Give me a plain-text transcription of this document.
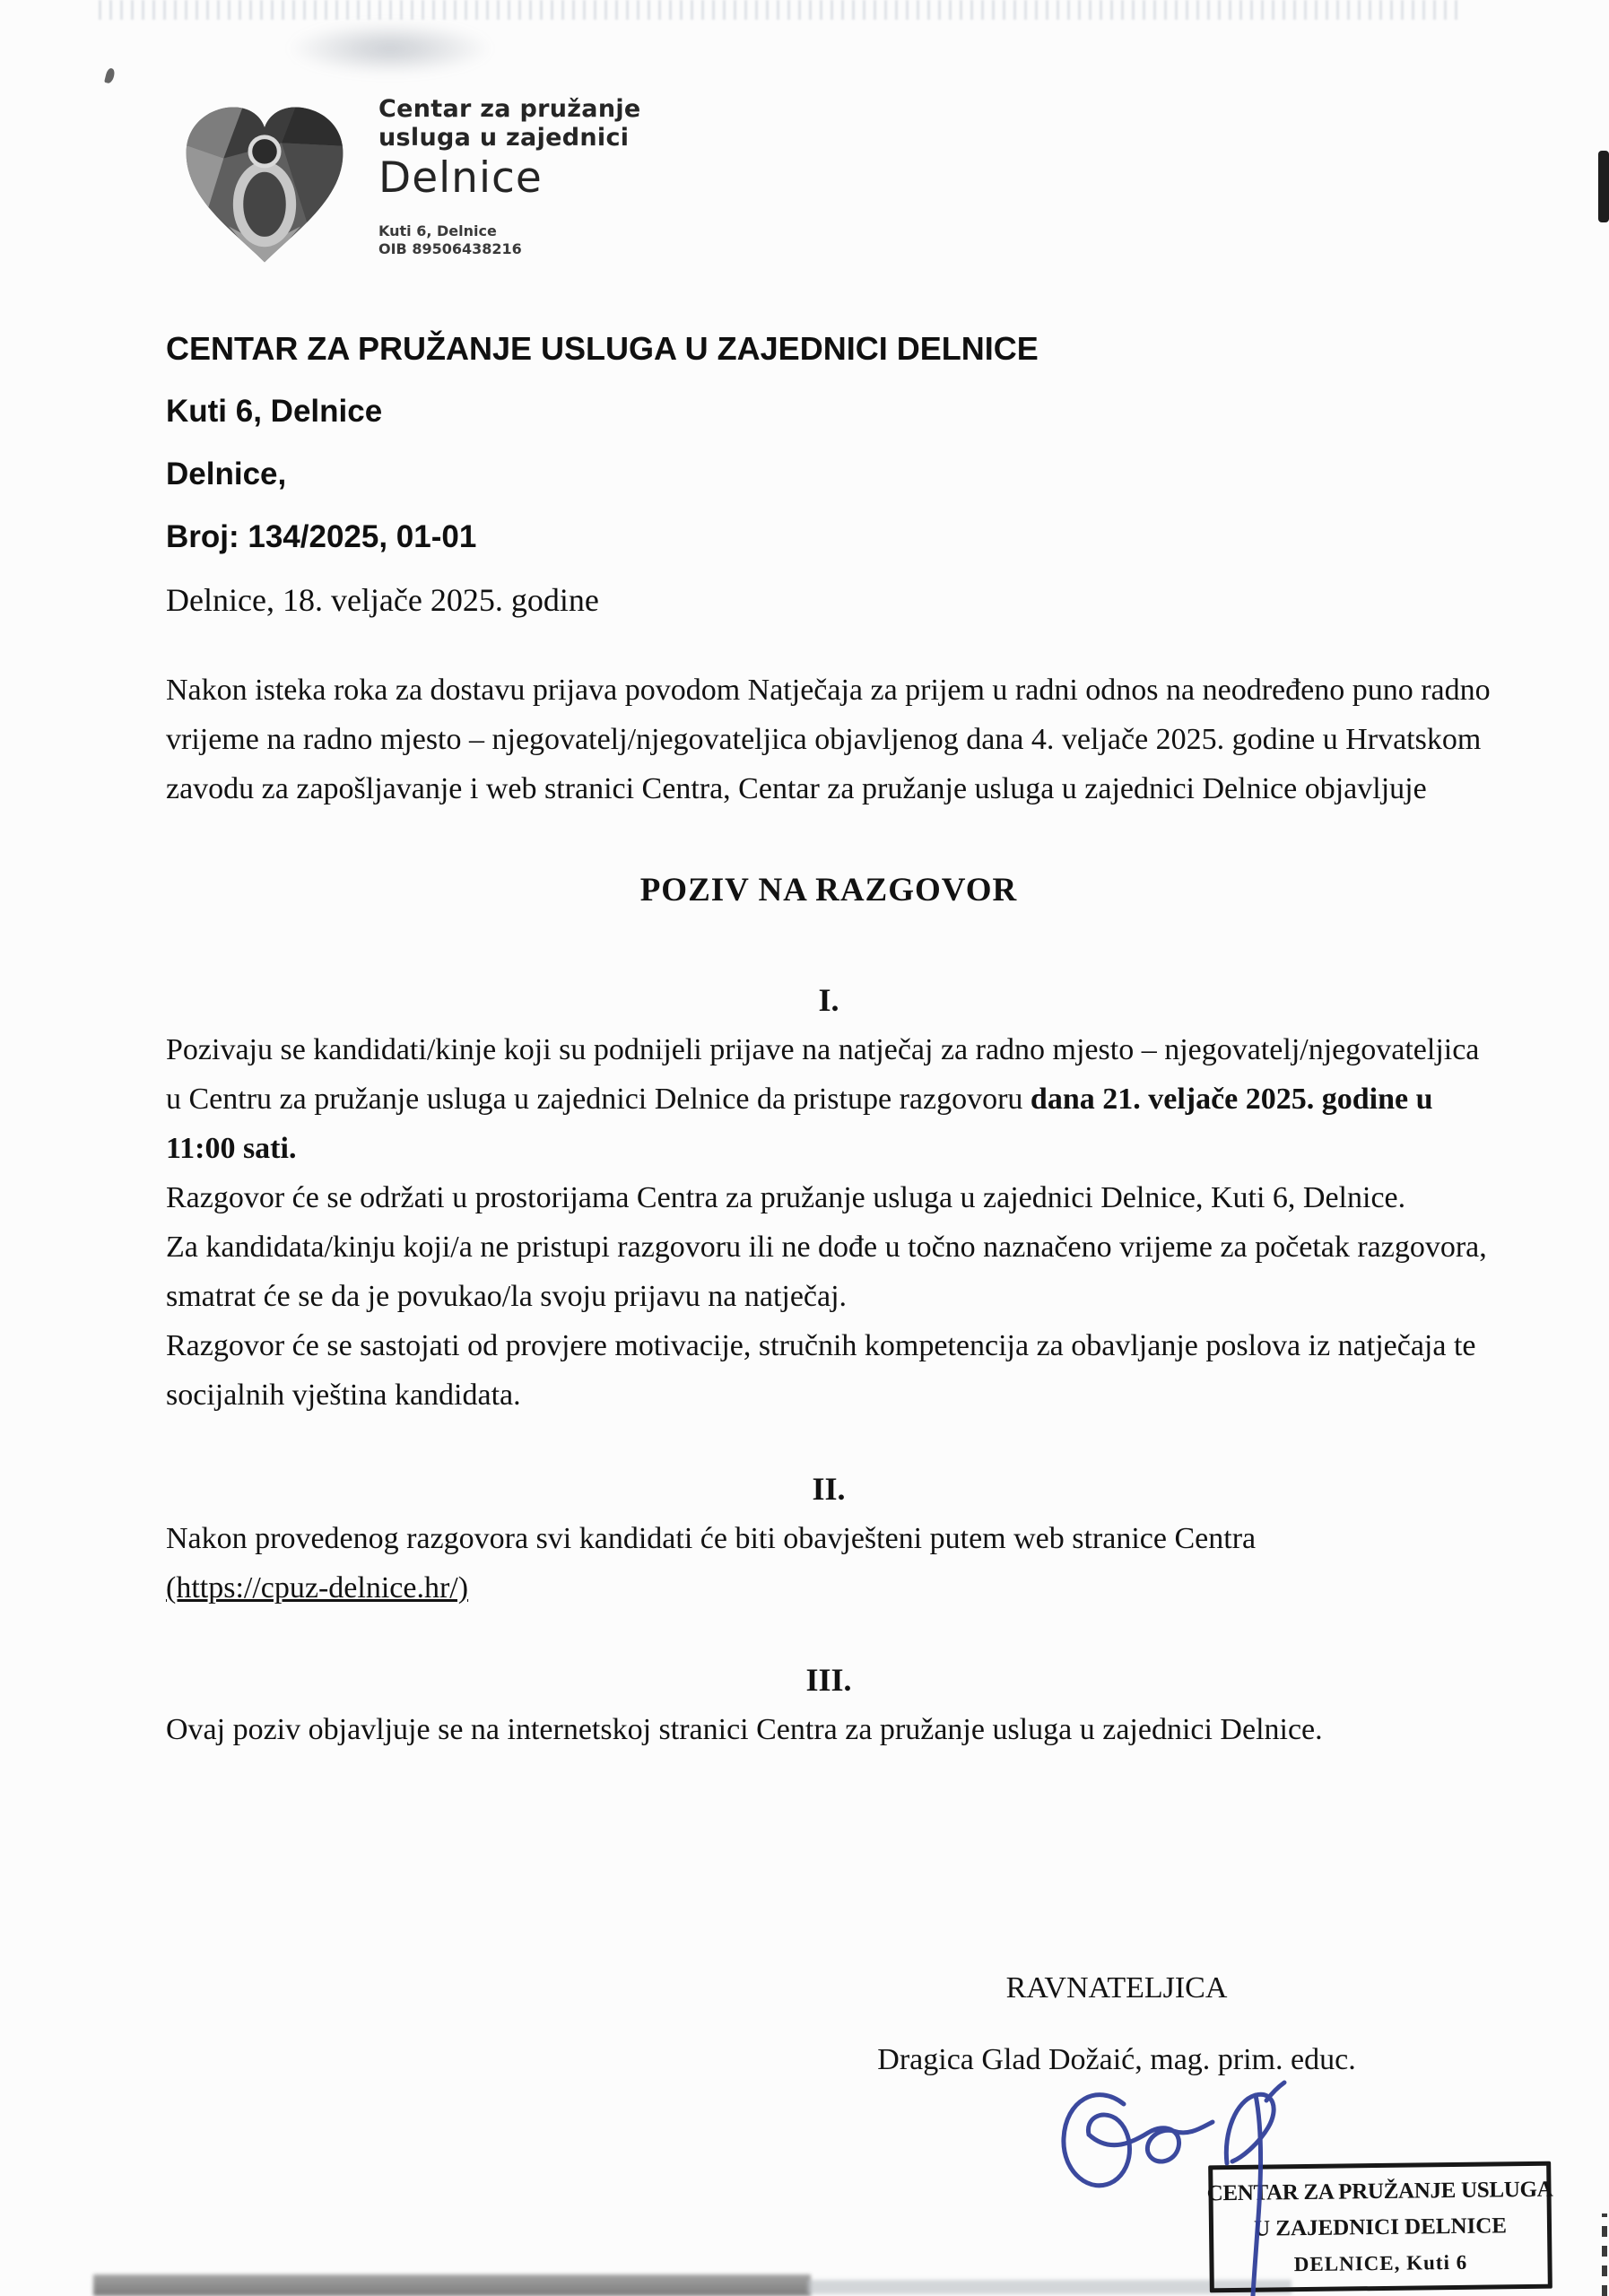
Centar za pružanje
usluga u zajednici
Delnice
Kuti 6, Delnice
OIB 89506438216
CENTAR ZA PRUŽANJE USLUGA U ZAJEDNICI DELNICE
Kuti 6, Delnice
Delnice,
Broj: 134/2025, 01-01
Delnice, 18. veljače 2025. godine

Nakon isteka roka za dostavu prijava povodom Natječaja za prijem u radni odnos na neodređeno puno radno vrijeme na radno mjesto – njegovatelj/njegovateljica objavljenog dana 4. veljače 2025. godine u Hrvatskom zavodu za zapošljavanje i web stranici Centra, Centar za pružanje usluga u zajednici Delnice objavljuje

POZIV NA RAZGOVOR
I.

Pozivaju se kandidati/kinje koji su podnijeli prijave na natječaj za radno mjesto – njegovatelj/njegovateljica u Centru za pružanje usluga u zajednici Delnice da pristupe razgovoru dana 21. veljače 2025. godine u 11:00 sati.
Razgovor će se održati u prostorijama Centra za pružanje usluga u zajednici Delnice, Kuti 6, Delnice.

Za kandidata/kinju koji/a ne pristupi razgovoru ili ne dođe u točno naznačeno vrijeme za početak razgovora, smatrat će se da je povukao/la svoju prijavu na natječaj.

Razgovor će se sastojati od provjere motivacije, stručnih kompetencija za obavljanje poslova iz natječaja te socijalnih vještina kandidata.

II.

Nakon provedenog razgovora svi kandidati će biti obavješteni putem web stranice Centra
(https://cpuz-delnice.hr/)

III.

Ovaj poziv objavljuje se na internetskoj stranici Centra za pružanje usluga u zajednici Delnice.

RAVNATELJICA
Dragica Glad Dožaić, mag. prim. educ.
CENTAR ZA PRUŽANJE USLUGA
U ZAJEDNICI DELNICE
DELNICE, Kuti 6
